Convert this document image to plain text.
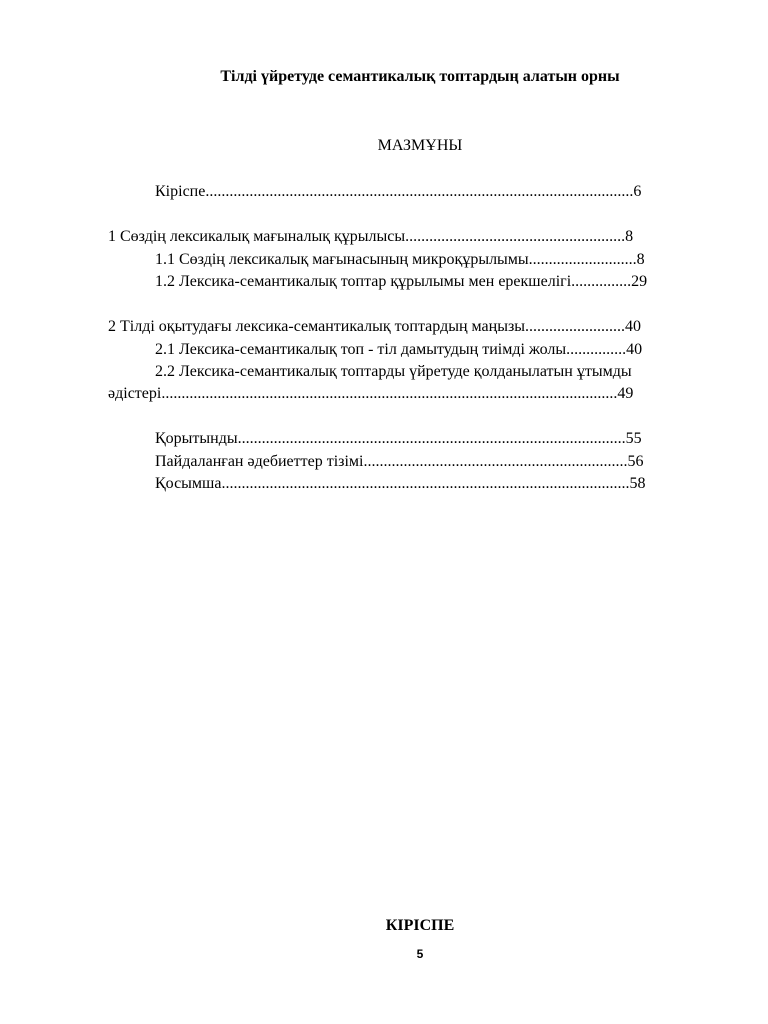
Тілді үйретуде семантикалық топтардың алатын орны
МАЗМҰНЫ
Кіріспе...........................................................................................................6
1 Сөздің лексикалық мағыналық құрылысы.......................................................8
1.1 Сөздің лексикалық мағынасының микроқұрылымы...........................8
1.2 Лексика-семантикалық топтар құрылымы мен ерекшелігі...............29
2 Тілді оқытудағы лексика-семантикалық топтардың маңызы.........................40
2.1 Лексика-семантикалық топ - тіл дамытудың тиімді жолы...............40
2.2 Лексика-семантикалық топтарды үйретуде қолданылатын ұтымды
әдістері..................................................................................................................49
Қорытынды.................................................................................................55
Пайдаланған әдебиеттер тізімі..................................................................56
Қосымша......................................................................................................58
КІРІСПЕ
5
